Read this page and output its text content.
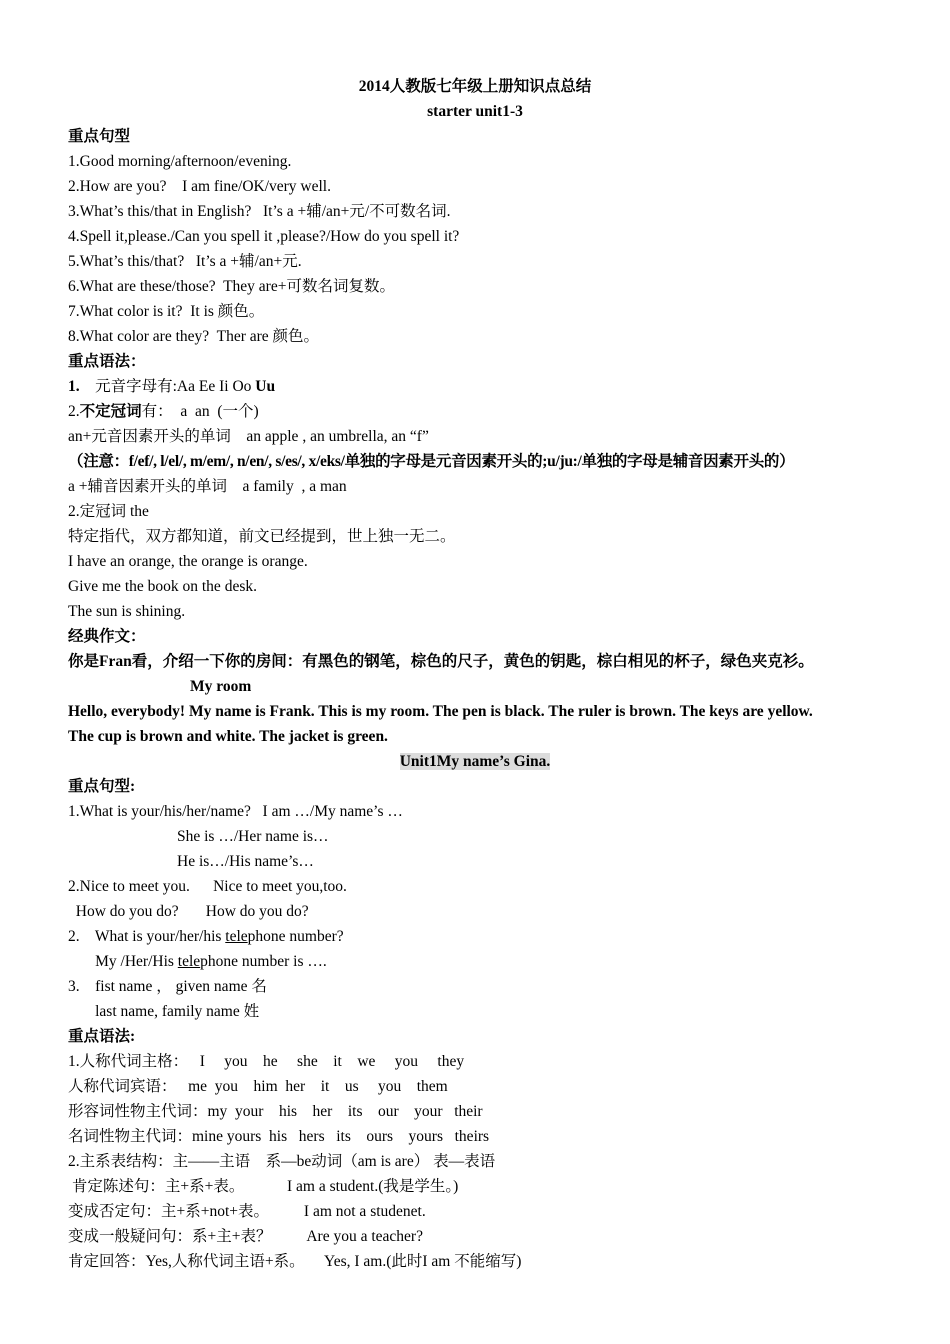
2014人教版七年级上册知识点总结
starter unit1-3
重点句型
1.Good morning/afternoon/evening.
2.How are you?    I am fine/OK/very well.
3.What’s this/that in English?   It’s a +辅/an+元/不可数名词.
4.Spell it,please./Can you spell it ,please?/How do you spell it?
5.What’s this/that?   It’s a +辅/an+元.
6.What are these/those?  They are+可数名词复数。
7.What color is it?  It is 颜色。
8.What color are they?  Ther are 颜色。
重点语法：
1.    元音字母有:Aa Ee Ii Oo Uu
2.不定冠词有：  a  an  (一个)
an+元音因素开头的单词    an apple , an umbrella, an “f”
（注意：f/ef/, l/el/, m/em/, n/en/, s/es/, x/eks/单独的字母是元音因素开头的;u/ju:/单独的字母是辅音因素开头的）
a +辅音因素开头的单词    a family  , a man
2.定冠词 the
特定指代，双方都知道，前文已经提到，世上独一无二。
I have an orange, the orange is orange.
Give me the book on the desk.
The sun is shining.
经典作文：
你是Fran看，介绍一下你的房间：有黑色的钢笔，棕色的尺子，黄色的钥匙，棕白相见的杯子，绿色夹克衫。
My room
Hello, everybody! My name is Frank. This is my room. The pen is black. The ruler is brown. The keys are yellow.
The cup is brown and white. The jacket is green.
Unit1My name’s Gina.
重点句型:
1.What is your/his/her/name?   I am …/My name’s …
She is …/Her name is…
He is…/His name’s…
2.Nice to meet you.      Nice to meet you,too.
How do you do?       How do you do?
2.    What is your/her/his telephone number?
My /Her/His telephone number is ….
3.    fist name ， given name 名
last name, family name 姓
重点语法:
1.人称代词主格：   I     you    he     she    it    we     you     they
人称代词宾语：   me  you    him  her    it    us     you    them
形容词性物主代词：my  your    his    her    its    our    your   their
名词性物主代词：mine yours  his   hers   its    ours    yours   theirs
2.主系表结构：主——主语    系—be动词（am is are） 表—表语
肯定陈述句：主+系+表。           I am a student.(我是学生。)
变成否定句：主+系+not+表。         I am not a studenet.
变成一般疑问句：系+主+表？         Are you a teacher?
肯定回答：Yes,人称代词主语+系。     Yes, I am.(此时I am 不能缩写)
